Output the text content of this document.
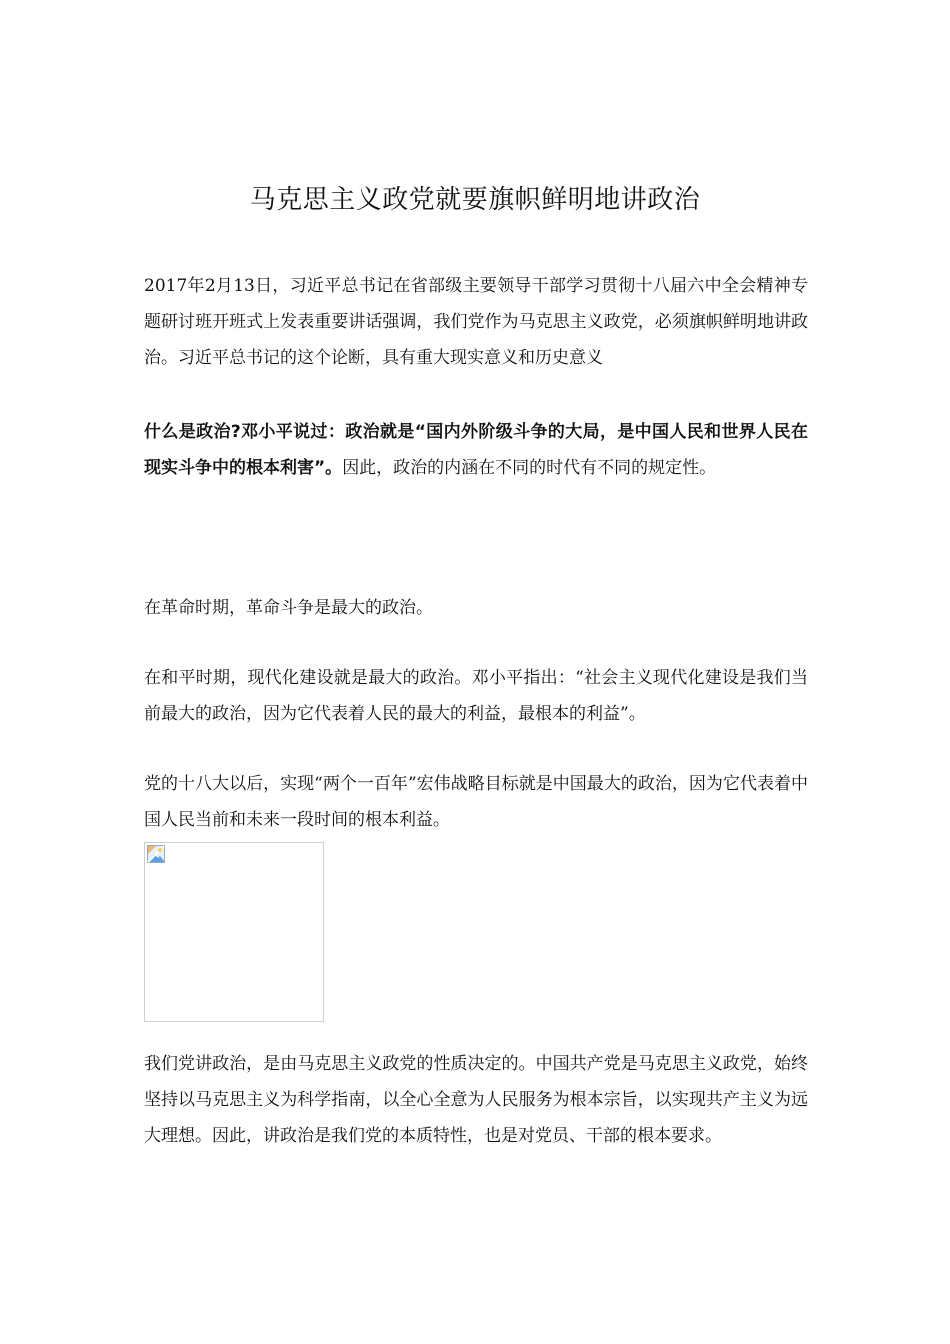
马克思主义政党就要旗帜鲜明地讲政治

2017年2月13日，习近平总书记在省部级主要领导干部学习贯彻十八届六中全会精神专题研讨班开班式上发表重要讲话强调，我们党作为马克思主义政党，必须旗帜鲜明地讲政治。习近平总书记的这个论断，具有重大现实意义和历史意义

什么是政治?邓小平说过：政治就是“国内外阶级斗争的大局，是中国人民和世界人民在现实斗争中的根本利害”。因此，政治的内涵在不同的时代有不同的规定性。

在革命时期，革命斗争是最大的政治。

在和平时期，现代化建设就是最大的政治。邓小平指出：“社会主义现代化建设是我们当前最大的政治，因为它代表着人民的最大的利益，最根本的利益”。

党的十八大以后，实现“两个一百年”宏伟战略目标就是中国最大的政治，因为它代表着中国人民当前和未来一段时间的根本利益。

我们党讲政治，是由马克思主义政党的性质决定的。中国共产党是马克思主义政党，始终坚持以马克思主义为科学指南，以全心全意为人民服务为根本宗旨，以实现共产主义为远大理想。因此，讲政治是我们党的本质特性，也是对党员、干部的根本要求。
